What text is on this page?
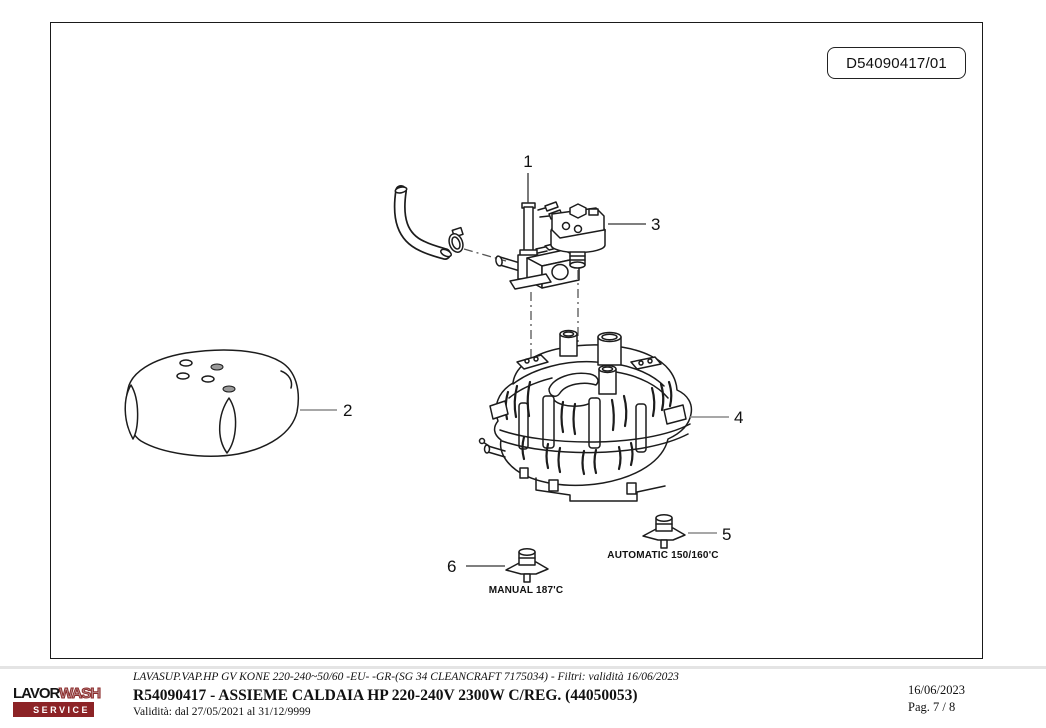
D54090417/01
1
2
3
4
5
6
AUTOMATIC 150/160'C
MANUAL 187'C
LAVORWASH
SERVICE
LAVASUP.VAP.HP GV KONE 220-240~50/60 -EU- -GR-(SG 34 CLEANCRAFT 7175034) - Filtri: validità 16/06/2023
R54090417 - ASSIEME CALDAIA HP 220-240V 2300W C/REG. (44050053)
Validità: dal 27/05/2021 al 31/12/9999
16/06/2023
Pag. 7 / 8
